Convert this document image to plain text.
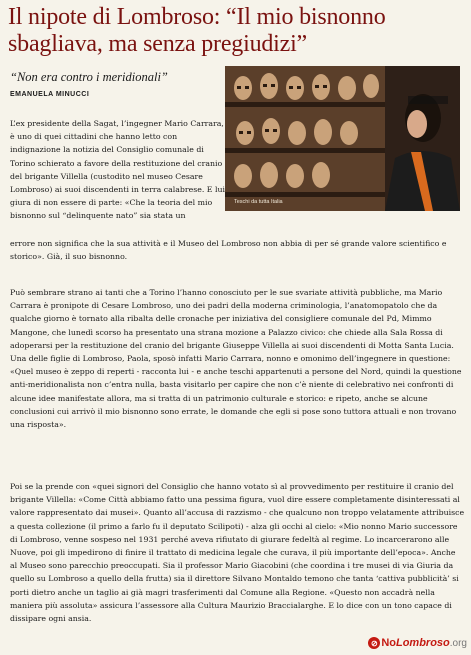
Il nipote di Lombroso: “Il mio bisnonno sbagliava, ma senza pregiudizi”
“Non era contro i meridionali”
EMANUELA MINUCCI

L’ex presidente della Sagat, l’ingegner Mario Carrara, è uno di quei cittadini che hanno letto con indignazione la notizia del Consiglio comunale di Torino schierato a favore della restituzione del cranio del brigante Villella (custodito nel museo Cesare Lombroso) ai suoi discendenti in terra calabrese. E lui giura di non essere di parte: «Che la teoria del mio bisnonno sul “delinquente nato” sia stata un

errore non significa che la sua attività e il Museo del Lombroso non abbia di per sé grande valore scientifico e storico». Già, il suo bisnonno.

Può sembrare strano ai tanti che a Torino l’hanno conosciuto per le sue svariate attività pubbliche, ma Mario Carrara è pronipote di Cesare Lombroso, uno dei padri della moderna criminologia, l’anatomopatolo che da qualche giorno è tornato alla ribalta delle cronache per iniziativa del consigliere comunale del Pd, Mimmo Mangone, che lunedì scorso ha presentato una strana mozione a Palazzo civico: che chiede alla Sala Rossa di adoperarsi per la restituzione del cranio del brigante Giuseppe Villella ai suoi discendenti di Motta Santa Lucia. Una delle figlie di Lombroso, Paola, sposò infatti Mario Carrara, nonno e omonimo dell’ingegnere in questione: «Quel museo è zeppo di reperti - racconta lui - e anche teschi appartenuti a persone del Nord, quindi la questione anti-meridionalista non c’entra nulla, basta visitarlo per capire che non c’è niente di celebrativo nei confronti di alcune idee manifestate allora, ma si tratta di un patrimonio culturale e storico: e ripeto, anche se alcune conclusioni cui arrivò il mio bisnonno sono errate, le domande che egli si pose sono tuttora attuali e non trovano una risposta».

Poi se la prende con «quei signori del Consiglio che hanno votato sì al provvedimento per restituire il cranio del brigante Villella: «Come Città abbiamo fatto una pessima figura, vuol dire essere completamente disinteressati al valore rappresentato dai musei». Quanto all’accusa di razzismo - che qualcuno non troppo velatamente attribuisce a questa collezione (il primo a farlo fu il deputato Scilipoti) - alza gli occhi al cielo: «Mio nonno Mario successore di Lombroso, venne sospeso nel 1931 perché aveva rifiutato di giurare fedeltà al regime. Lo incarcerarono alle Nuove, poi gli impedirono di finire il trattato di medicina legale che curava, il più importante dell’epoca». Anche al Museo sono parecchio preoccupati. Sia il professor Mario Giacobini (che coordina i tre musei di via Giuria da quello su Lombroso a quello della frutta) sia il direttore Silvano Montaldo temono che tanta ‘cattiva pubblicità’ si porti dietro anche un taglio ai già magri trasferimenti dal Comune alla Regione. «Questo non accadrà nella maniera più assoluta» assicura l’assessore alla Cultura Maurizio Braccialarghe. E lo dice con un tono capace di dissipare ogni ansia.

Teschi da tutta Italia
⊘ No Lombroso .org
